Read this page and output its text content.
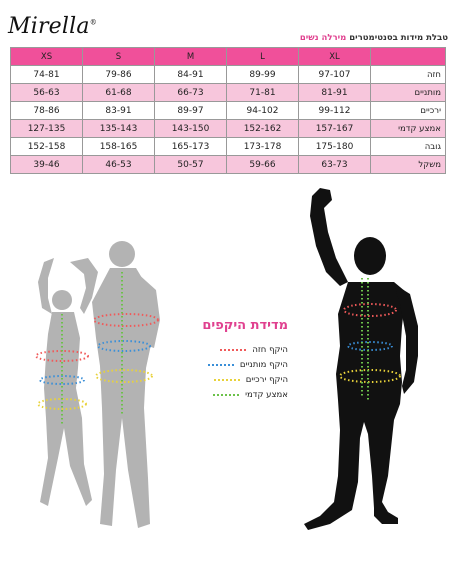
Mirella®
טבלת מידות בסנטימטרים מירלה נשים
XS	S	M	L	XL	
74-81	79-86	84-91	89-99	97-107	חזה
56-63	61-68	66-73	71-81	81-91	מותניים
78-86	83-91	89-97	94-102	99-112	ירכיים
127-135	135-143	143-150	152-162	157-167	אמצע קדמי
152-158	158-165	165-173	173-178	175-180	גובה
39-46	46-53	50-57	59-66	63-73	משקל
מדידת היקפים
היקף חזה
היקף מותניים
היקף ירכיים
אמצע קדמי
